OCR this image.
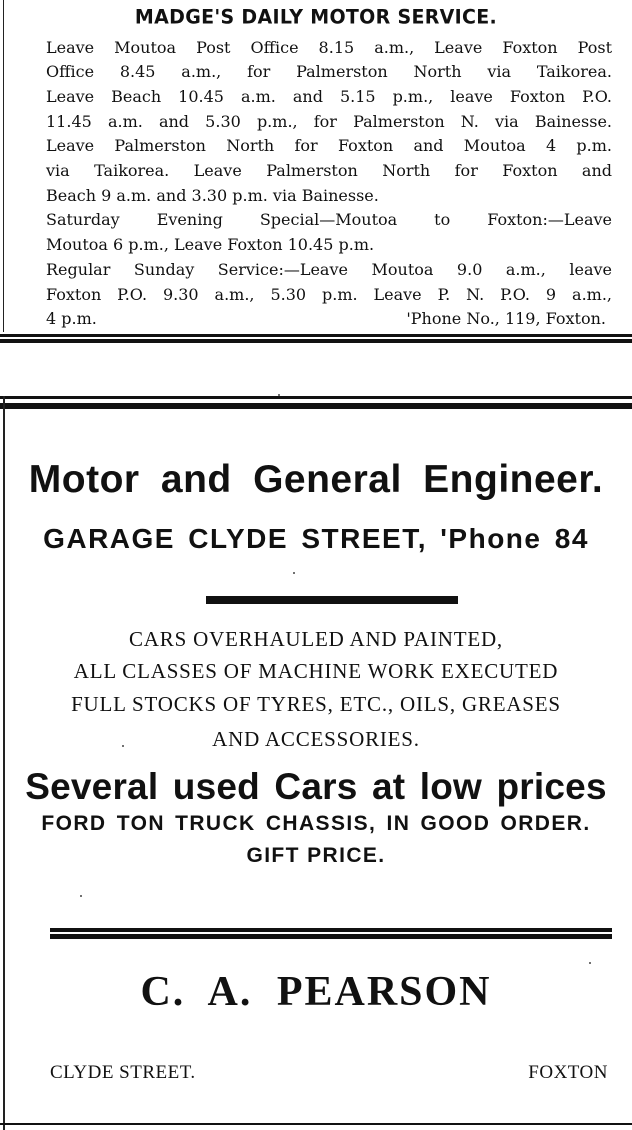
MADGE'S DAILY MOTOR SERVICE.
Leave Moutoa Post Office 8.15 a.m., Leave Foxton Post
Office 8.45 a.m., for Palmerston North via Taikorea.
Leave Beach 10.45 a.m. and 5.15 p.m., leave Foxton P.O.
11.45 a.m. and 5.30 p.m., for Palmerston N. via Bainesse.
Leave Palmerston North for Foxton and Moutoa 4 p.m.
via Taikorea. Leave Palmerston North for Foxton and
Beach 9 a.m. and 3.30 p.m. via Bainesse.
Saturday Evening Special—Moutoa to Foxton:—Leave
Moutoa 6 p.m., Leave Foxton 10.45 p.m.
Regular Sunday Service:—Leave Moutoa 9.0 a.m., leave
Foxton P.O. 9.30 a.m., 5.30 p.m. Leave P. N. P.O. 9 a.m.,
4 p.m.	'Phone No., 119, Foxton.
Motor and General Engineer.
GARAGE CLYDE STREET, 'Phone 84
CARS OVERHAULED AND PAINTED,
ALL CLASSES OF MACHINE WORK EXECUTED
FULL STOCKS OF TYRES, ETC., OILS, GREASES
AND ACCESSORIES.
Several used Cars at low prices
FORD TON TRUCK CHASSIS, IN GOOD ORDER.
GIFT PRICE.
C. A. PEARSON
CLYDE STREET.	FOXTON
